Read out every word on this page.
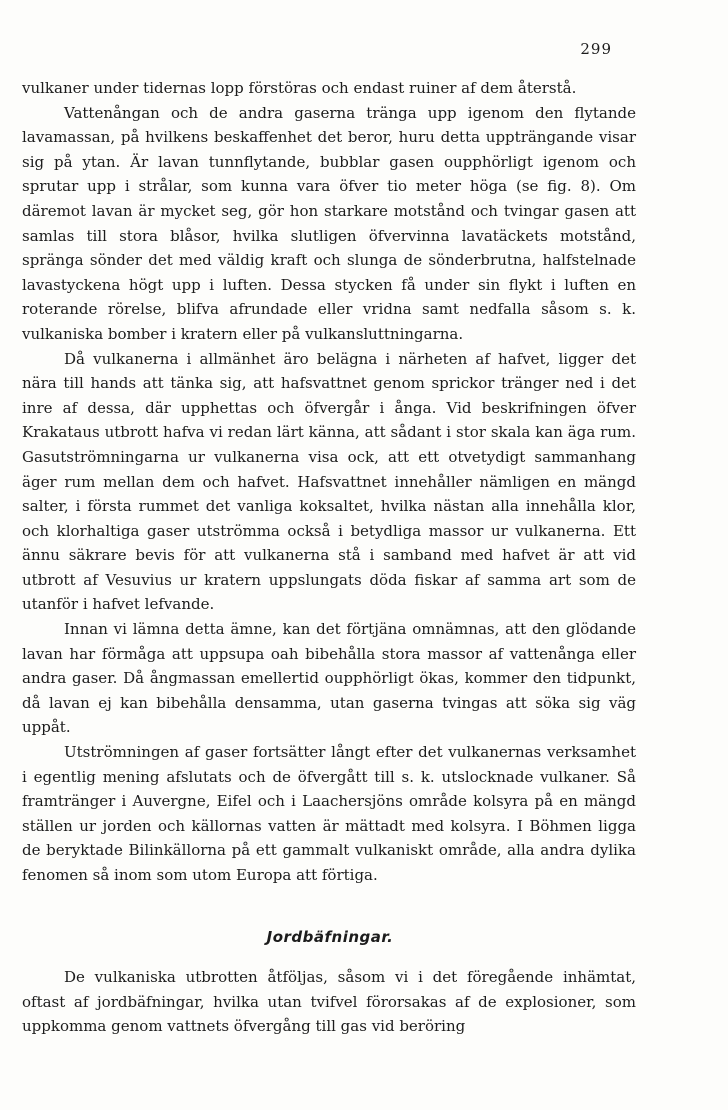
299

vulkaner under tidernas lopp förstöras och endast ruiner af dem återstå.

Vattenångan och de andra gaserna tränga upp igenom den flytande lavamassan, på hvilkens beskaffenhet det beror, huru detta uppträngande visar sig på ytan. Är lavan tunnflytande, bubblar gasen oupphörligt igenom och sprutar upp i strålar, som kunna vara öfver tio meter höga (se fig. 8). Om däremot lavan är mycket seg, gör hon starkare motstånd och tvingar gasen att samlas till stora blåsor, hvilka slutligen öfvervinna lavatäckets motstånd, spränga sönder det med väldig kraft och slunga de sönderbrutna, halfstelnade lavastyckena högt upp i luften. Dessa stycken få under sin flykt i luften en roterande rörelse, blifva afrundade eller vridna samt nedfalla såsom s. k. vulkaniska bomber i kratern eller på vulkansluttningarna.

Då vulkanerna i allmänhet äro belägna i närheten af hafvet, ligger det nära till hands att tänka sig, att hafsvattnet genom sprickor tränger ned i det inre af dessa, där upphettas och öfvergår i ånga. Vid beskrifningen öfver Krakataus utbrott hafva vi redan lärt känna, att sådant i stor skala kan äga rum. Gasutströmningarna ur vulkanerna visa ock, att ett otvetydigt sammanhang äger rum mellan dem och hafvet. Hafsvattnet innehåller nämligen en mängd salter, i första rummet det vanliga koksaltet, hvilka nästan alla innehålla klor, och klorhaltiga gaser utströmma också i betydliga massor ur vulkanerna. Ett ännu säkrare bevis för att vulkanerna stå i samband med hafvet är att vid utbrott af Vesuvius ur kratern uppslungats döda fiskar af samma art som de utanför i hafvet lefvande.

Innan vi lämna detta ämne, kan det förtjäna omnämnas, att den glödande lavan har förmåga att uppsupa oah bibehålla stora massor af vattenånga eller andra gaser. Då ångmassan emellertid oupphörligt ökas, kommer den tidpunkt, då lavan ej kan bibehålla densamma, utan gaserna tvingas att söka sig väg uppåt.

Utströmningen af gaser fortsätter långt efter det vulkanernas verksamhet i egentlig mening afslutats och de öfvergått till s. k. utslocknade vulkaner. Så framtränger i Auvergne, Eifel och i Laachersjöns område kolsyra på en mängd ställen ur jorden och källornas vatten är mättadt med kolsyra. I Böhmen ligga de beryktade Bilinkällorna på ett gammalt vulkaniskt område, alla andra dylika fenomen så inom som utom Europa att förtiga.

Jordbäfningar.

De vulkaniska utbrotten åtföljas, såsom vi i det föregående inhämtat, oftast af jordbäfningar, hvilka utan tvifvel förorsakas af de explosioner, som uppkomma genom vattnets öfvergång till gas vid beröring
